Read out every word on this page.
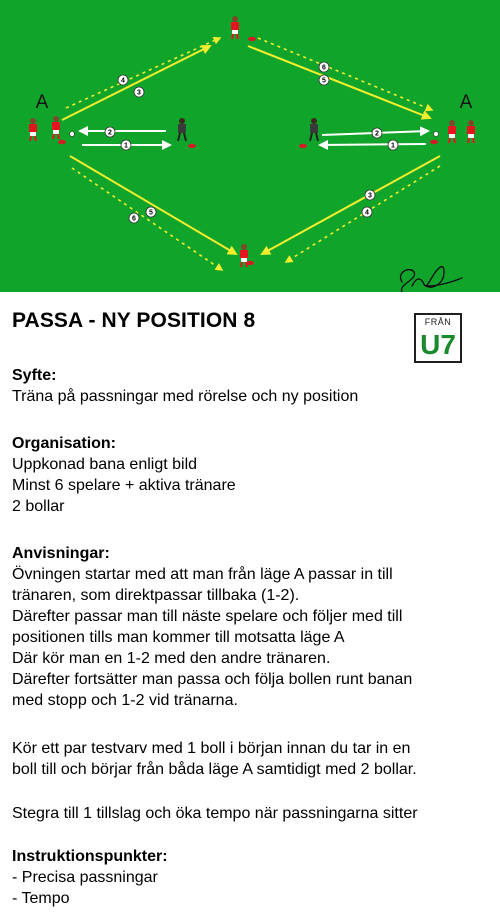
4
3
6
5
2
1
2
1
3
4
5
6
A	A
PASSA - NY POSITION 8	FRÅN
U7
Syfte:

Träna på passningar med rörelse och ny position

Organisation:

Uppkonad bana enligt bild

Minst 6 spelare + aktiva tränare

2 bollar

Anvisningar:

Övningen startar med att man från läge A passar in till

tränaren, som direktpassar tillbaka (1-2).

Därefter passar man till näste spelare och följer med till

positionen tills man kommer till motsatta läge A

Där kör man en 1-2 med den andre tränaren.

Därefter fortsätter man passa och följa bollen runt banan

med stopp och 1-2 vid tränarna.

Kör ett par testvarv med 1 boll i början innan du tar in en

boll till och börjar från båda läge A samtidigt med 2 bollar.

Stegra till 1 tillslag och öka tempo när passningarna sitter

Instruktionspunkter:

- Precisa passningar

- Tempo
